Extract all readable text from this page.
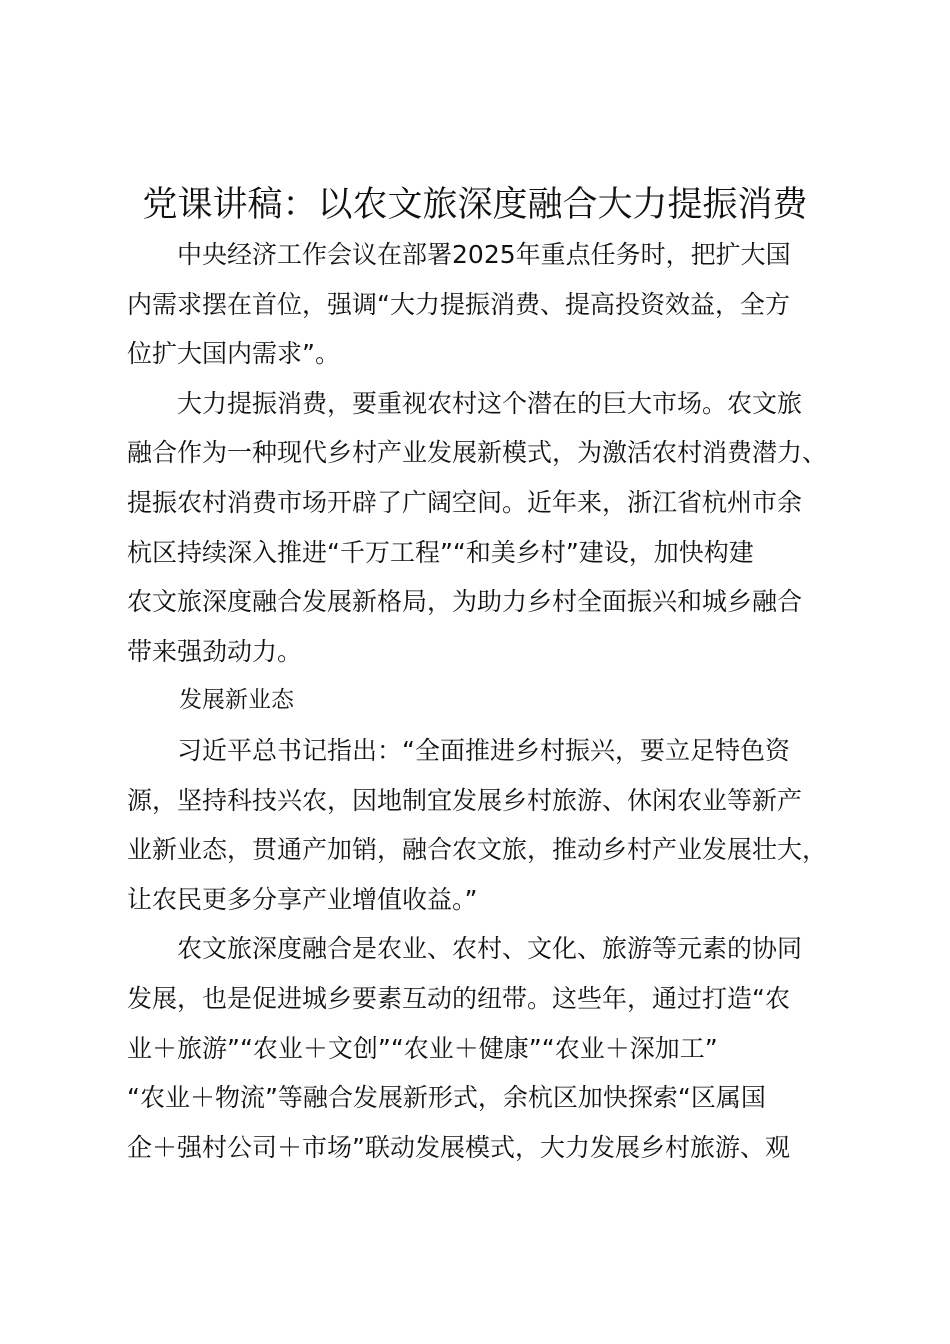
党课讲稿：以农文旅深度融合大力提振消费

中央经济工作会议在部署2025年重点任务时，把扩大国
内需求摆在首位，强调“大力提振消费、提高投资效益，全方
位扩大国内需求”。

大力提振消费，要重视农村这个潜在的巨大市场。农文旅
融合作为一种现代乡村产业发展新模式，为激活农村消费潜力、
提振农村消费市场开辟了广阔空间。近年来，浙江省杭州市余
杭区持续深入推进“千万工程”“和美乡村”建设，加快构建
农文旅深度融合发展新格局，为助力乡村全面振兴和城乡融合
带来强劲动力。

发展新业态

习近平总书记指出：“全面推进乡村振兴，要立足特色资
源，坚持科技兴农，因地制宜发展乡村旅游、休闲农业等新产
业新业态，贯通产加销，融合农文旅，推动乡村产业发展壮大，
让农民更多分享产业增值收益。”

农文旅深度融合是农业、农村、文化、旅游等元素的协同
发展，也是促进城乡要素互动的纽带。这些年，通过打造“农
业＋旅游”“农业＋文创”“农业＋健康”“农业＋深加工”
“农业＋物流”等融合发展新形式，余杭区加快探索“区属国
企＋强村公司＋市场”联动发展模式，大力发展乡村旅游、观
